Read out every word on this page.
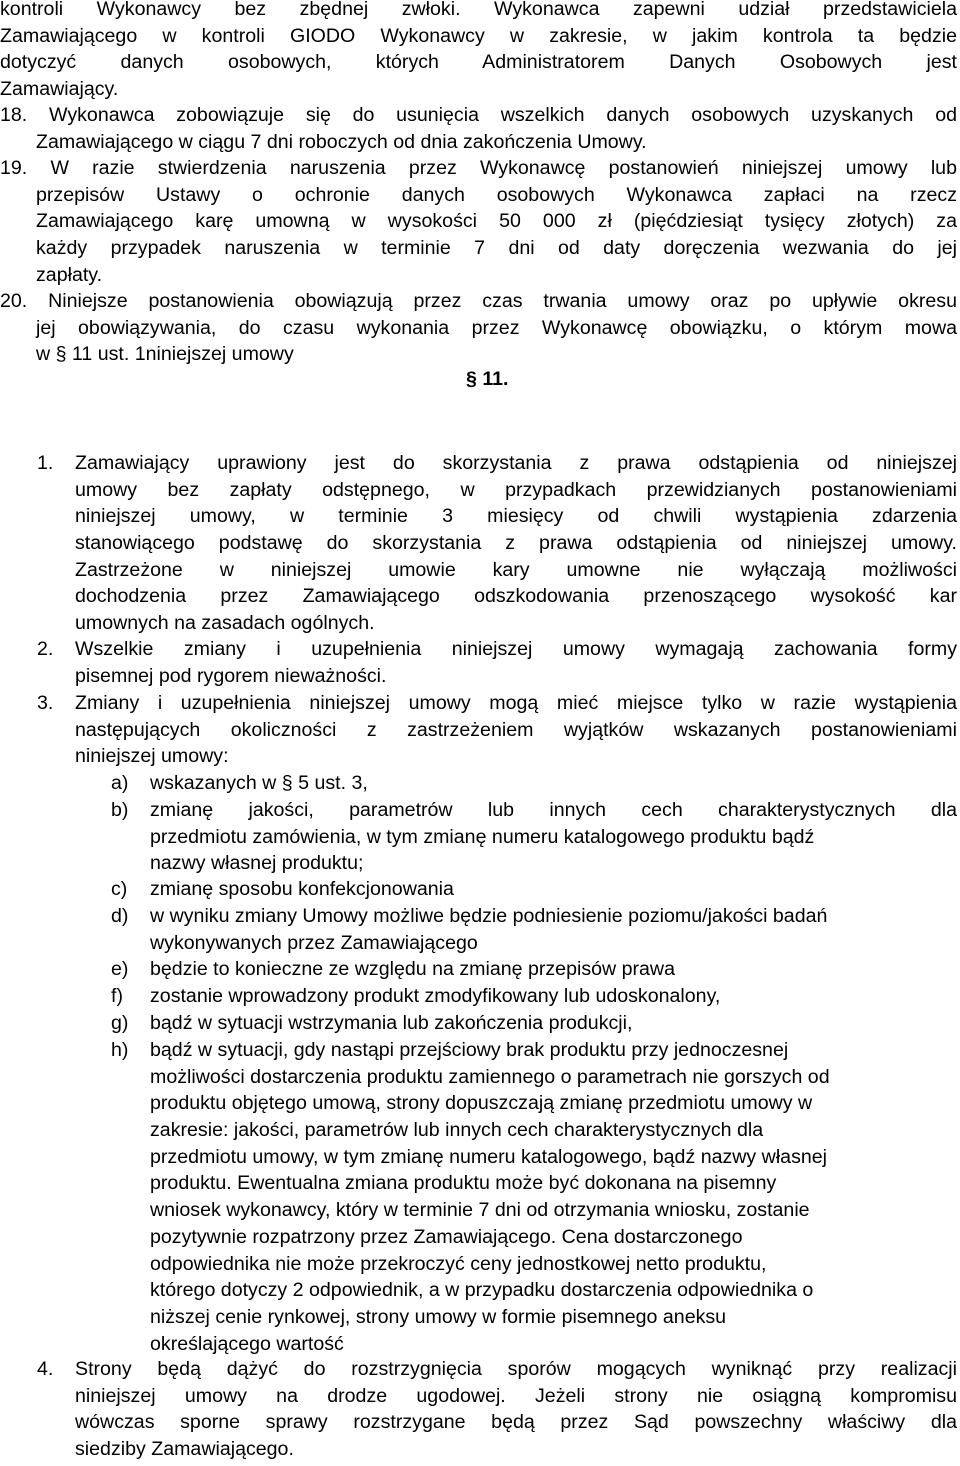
kontroli Wykonawcy bez zbędnej zwłoki. Wykonawca zapewni udział przedstawiciela
Zamawiającego w kontroli GIODO Wykonawcy w zakresie, w jakim kontrola ta będzie
dotyczyć danych osobowych, których Administratorem Danych Osobowych jest
Zamawiający.
18. Wykonawca zobowiązuje się do usunięcia wszelkich danych osobowych uzyskanych od
Zamawiającego w ciągu 7 dni roboczych od dnia zakończenia Umowy.
19. W razie stwierdzenia naruszenia przez Wykonawcę postanowień niniejszej umowy lub
przepisów Ustawy o ochronie danych osobowych Wykonawca zapłaci na rzecz
Zamawiającego karę umowną w wysokości 50 000 zł (pięćdziesiąt tysięcy złotych) za
każdy przypadek naruszenia w terminie 7 dni od daty doręczenia wezwania do jej
zapłaty.
20. Niniejsze postanowienia obowiązują przez czas trwania umowy oraz po upływie okresu
jej obowiązywania, do czasu wykonania przez Wykonawcę obowiązku, o którym mowa
w § 11 ust. 1niniejszej umowy
§ 11.
1. Zamawiający uprawiony jest do skorzystania z prawa odstąpienia od niniejszej
umowy bez zapłaty odstępnego, w przypadkach przewidzianych postanowieniami
niniejszej umowy, w terminie 3 miesięcy od chwili wystąpienia zdarzenia
stanowiącego podstawę do skorzystania z prawa odstąpienia od niniejszej umowy.
Zastrzeżone w niniejszej umowie kary umowne nie wyłączają możliwości
dochodzenia przez Zamawiającego odszkodowania przenoszącego wysokość kar
umownych na zasadach ogólnych.
2. Wszelkie zmiany i uzupełnienia niniejszej umowy wymagają zachowania formy
pisemnej pod rygorem nieważności.
3. Zmiany i uzupełnienia niniejszej umowy mogą mieć miejsce tylko w razie wystąpienia
następujących okoliczności z zastrzeżeniem wyjątków wskazanych postanowieniami
niniejszej umowy:
a) wskazanych w § 5 ust. 3,
b) zmianę jakości, parametrów lub innych cech charakterystycznych dla
przedmiotu zamówienia, w tym zmianę numeru katalogowego produktu bądź
nazwy własnej produktu;
c) zmianę sposobu konfekcjonowania
d) w wyniku zmiany Umowy możliwe będzie podniesienie poziomu/jakości badań
wykonywanych przez Zamawiającego
e) będzie to konieczne ze względu na zmianę przepisów prawa
f) zostanie wprowadzony produkt zmodyfikowany lub udoskonalony,
g) bądź w sytuacji wstrzymania lub zakończenia produkcji,
h) bądź w sytuacji, gdy nastąpi przejściowy brak produktu przy jednoczesnej
możliwości dostarczenia produktu zamiennego o parametrach nie gorszych od
produktu objętego umową, strony dopuszczają zmianę przedmiotu umowy w
zakresie: jakości, parametrów lub innych cech charakterystycznych dla
przedmiotu umowy, w tym zmianę numeru katalogowego, bądź nazwy własnej
produktu. Ewentualna zmiana produktu może być dokonana na pisemny
wniosek wykonawcy, który w terminie 7 dni od otrzymania wniosku, zostanie
pozytywnie rozpatrzony przez Zamawiającego. Cena dostarczonego
odpowiednika nie może przekroczyć ceny jednostkowej netto produktu,
którego dotyczy 2 odpowiednik, a w przypadku dostarczenia odpowiednika o
niższej cenie rynkowej, strony umowy w formie pisemnego aneksu
określającego wartość
4. Strony będą dążyć do rozstrzygnięcia sporów mogących wyniknąć przy realizacji
niniejszej umowy na drodze ugodowej. Jeżeli strony nie osiągną kompromisu
wówczas sporne sprawy rozstrzygane będą przez Sąd powszechny właściwy dla
siedziby Zamawiającego.
